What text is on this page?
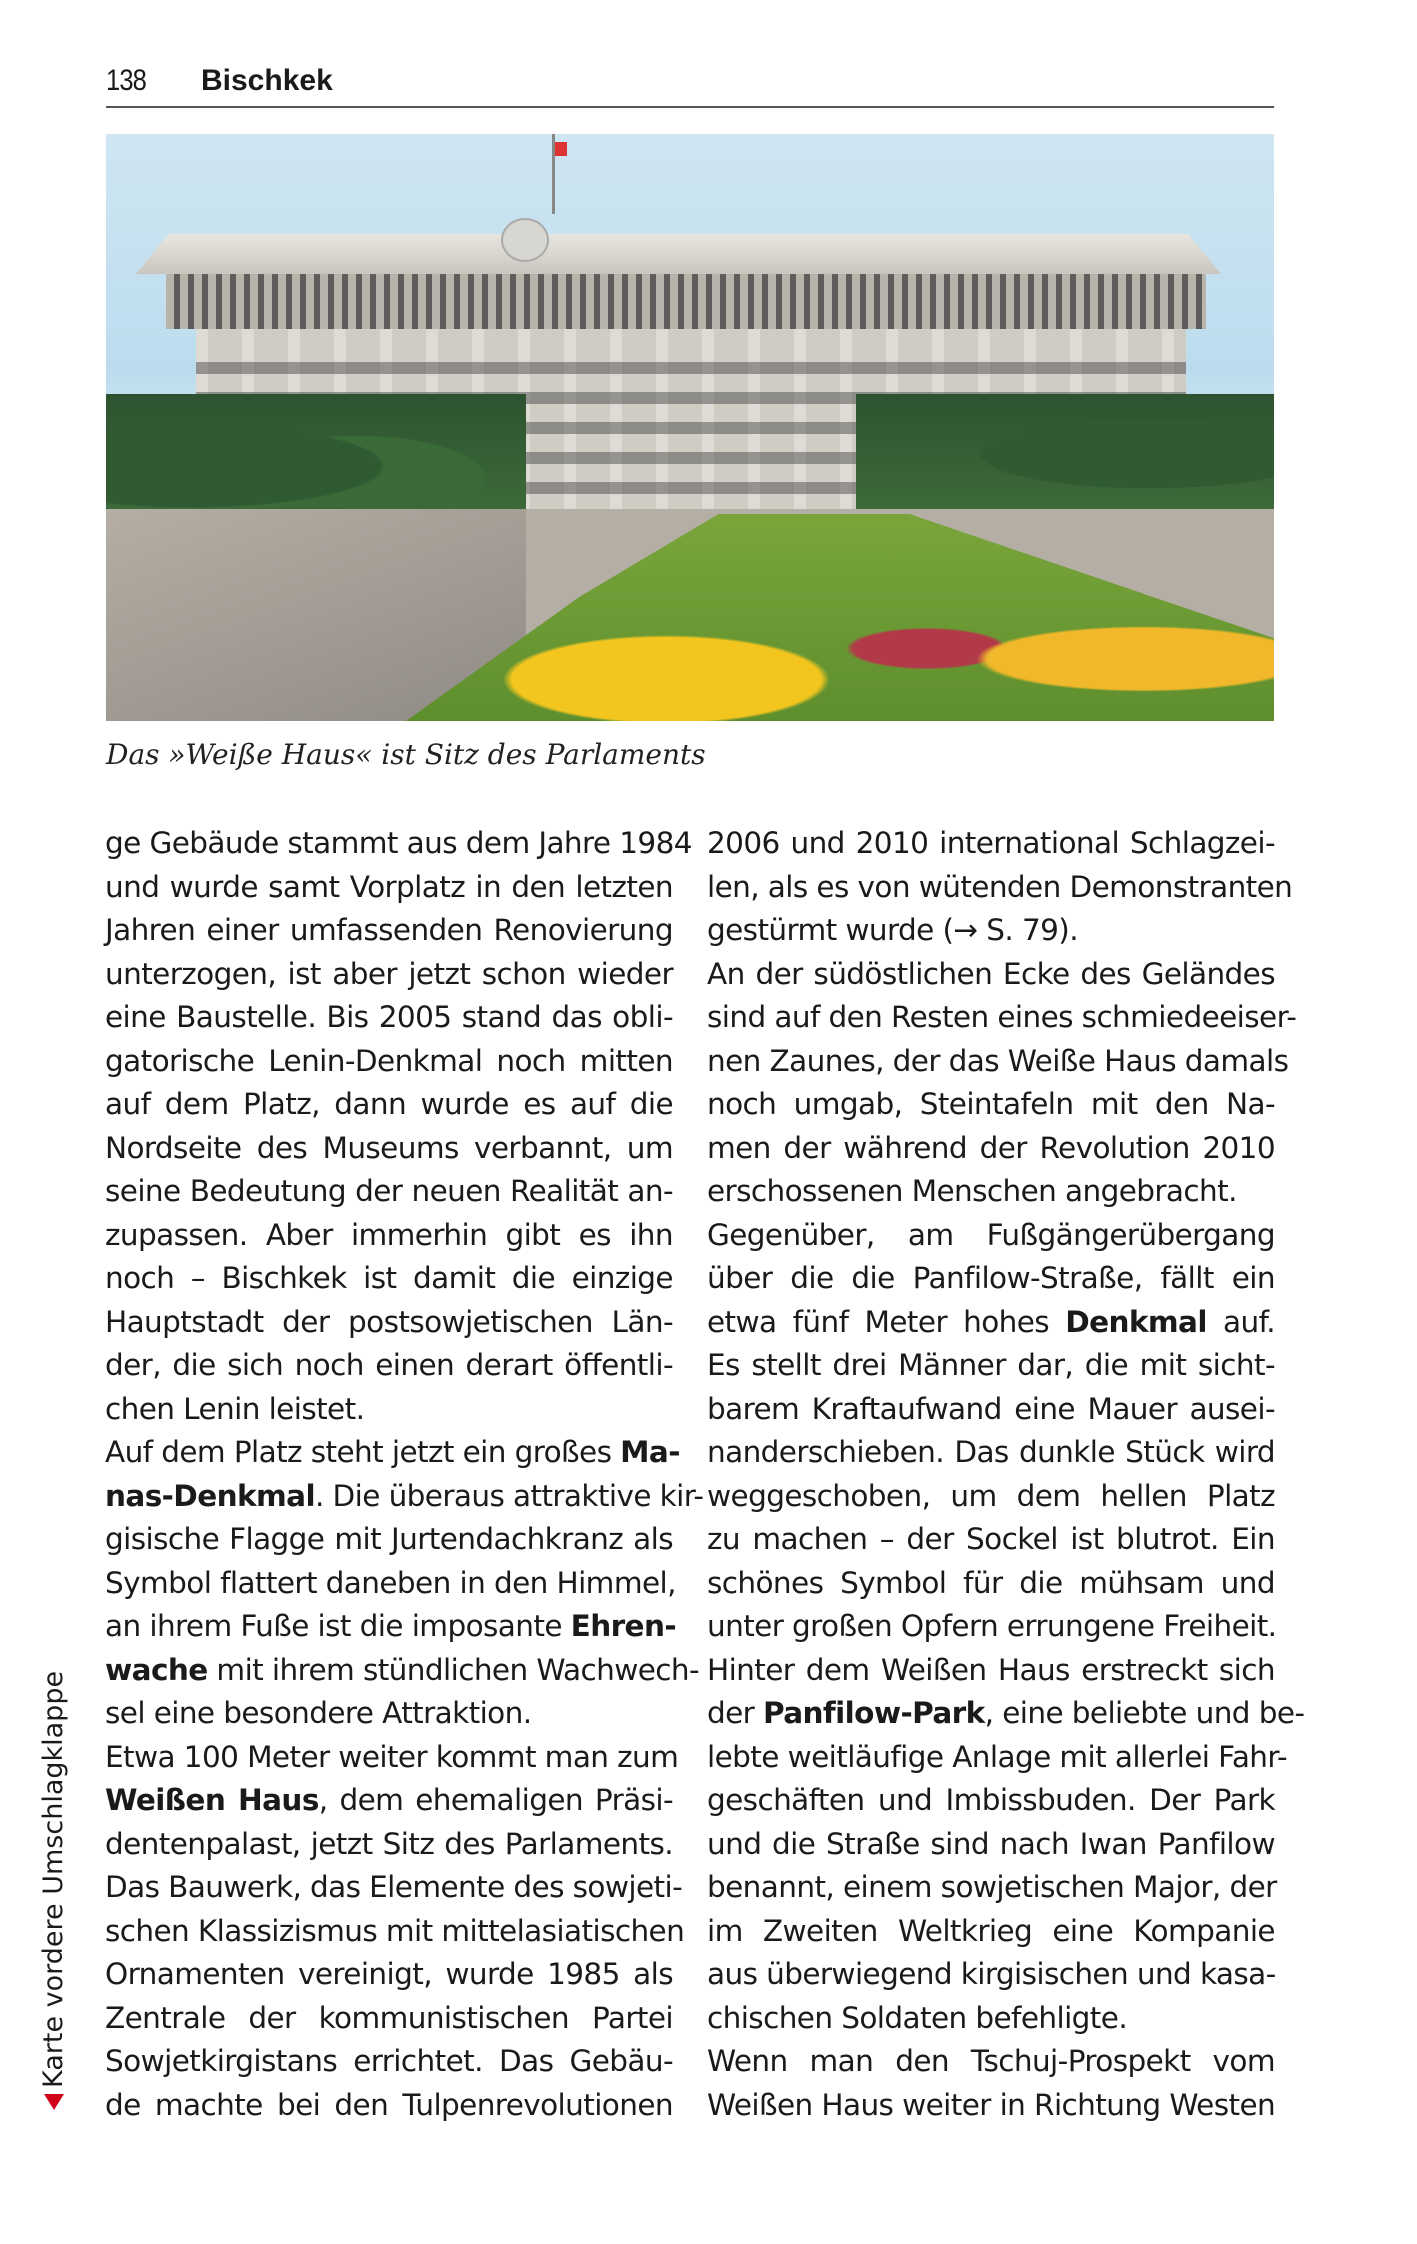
138 Bischkek
Das »Weiße Haus« ist Sitz des Parlaments
ge Gebäude stammt aus dem Jahre 1984
und wurde samt Vorplatz in den letzten
Jahren einer umfassenden Renovierung
unterzogen, ist aber jetzt schon wieder
eine Baustelle. Bis 2005 stand das obli-
gatorische Lenin-Denkmal noch mitten
auf dem Platz, dann wurde es auf die
Nordseite des Museums verbannt, um
seine Bedeutung der neuen Realität an-
zupassen. Aber immerhin gibt es ihn
noch – Bischkek ist damit die einzige
Hauptstadt der postsowjetischen Län-
der, die sich noch einen derart öffentli-
chen Lenin leistet.
Auf dem Platz steht jetzt ein großes Ma-
nas-Denkmal. Die überaus attraktive kir-
gisische Flagge mit Jurtendachkranz als
Symbol flattert daneben in den Himmel,
an ihrem Fuße ist die imposante Ehren-
wache mit ihrem stündlichen Wachwech-
sel eine besondere Attraktion.
Etwa 100 Meter weiter kommt man zum
Weißen Haus, dem ehemaligen Präsi-
dentenpalast, jetzt Sitz des Parlaments.
Das Bauwerk, das Elemente des sowjeti-
schen Klassizismus mit mittelasiatischen
Ornamenten vereinigt, wurde 1985 als
Zentrale der kommunistischen Partei
Sowjetkirgistans errichtet. Das Gebäu-
de machte bei den Tulpenrevolutionen
2006 und 2010 international Schlagzei-
len, als es von wütenden Demonstranten
gestürmt wurde (→ S. 79).
An der südöstlichen Ecke des Geländes
sind auf den Resten eines schmiedeeiser-
nen Zaunes, der das Weiße Haus damals
noch umgab, Steintafeln mit den Na-
men der während der Revolution 2010
erschossenen Menschen angebracht.
Gegenüber, am Fußgängerübergang
über die die Panfilow-Straße, fällt ein
etwa fünf Meter hohes Denkmal auf.
Es stellt drei Männer dar, die mit sicht-
barem Kraftaufwand eine Mauer ausei-
nanderschieben. Das dunkle Stück wird
weggeschoben, um dem hellen Platz
zu machen – der Sockel ist blutrot. Ein
schönes Symbol für die mühsam und
unter großen Opfern errungene Freiheit.
Hinter dem Weißen Haus erstreckt sich
der Panfilow-Park, eine beliebte und be-
lebte weitläufige Anlage mit allerlei Fahr-
geschäften und Imbissbuden. Der Park
und die Straße sind nach Iwan Panfilow
benannt, einem sowjetischen Major, der
im Zweiten Weltkrieg eine Kompanie
aus überwiegend kirgisischen und kasa-
chischen Soldaten befehligte.
Wenn man den Tschuj-Prospekt vom
Weißen Haus weiter in Richtung Westen
Karte vordere Umschlagklappe
